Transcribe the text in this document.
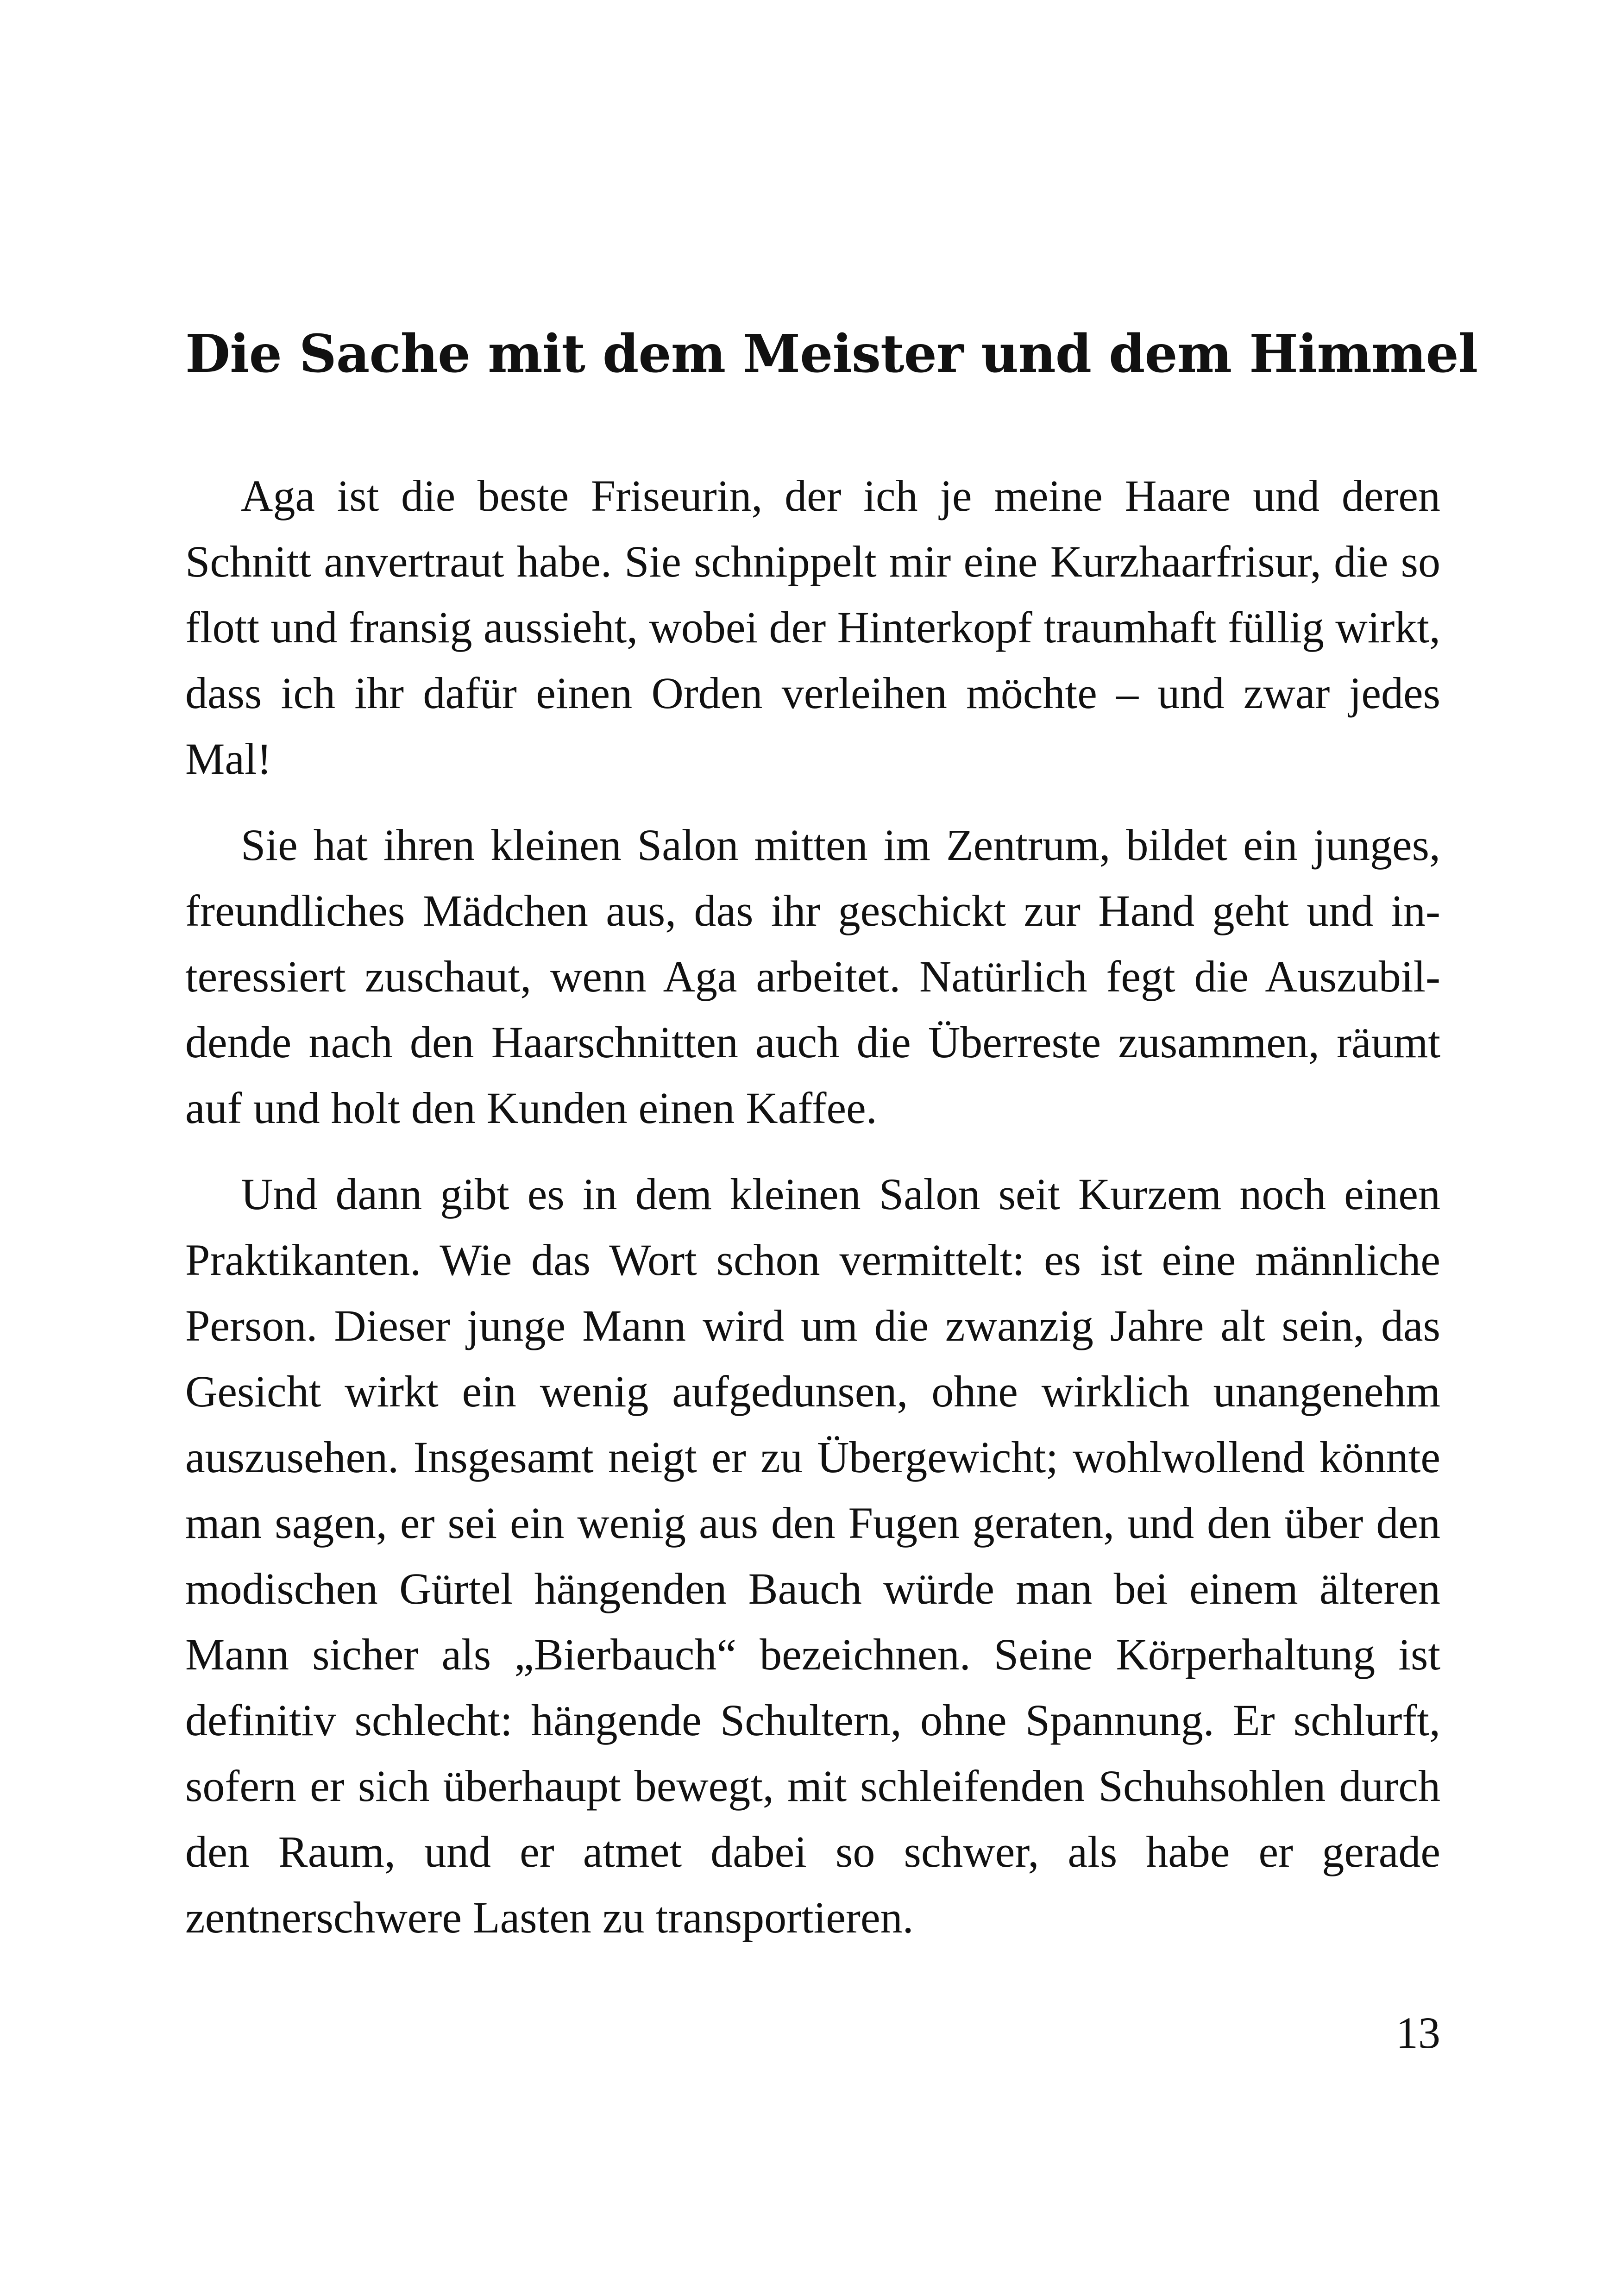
Die Sache mit dem Meister und dem Himmel

Aga ist die beste Friseurin, der ich je meine Haare und deren Schnitt anvertraut habe. Sie schnippelt mir eine Kurzhaarfrisur, die so flott und fransig aussieht, wobei der Hinterkopf traumhaft füllig wirkt, dass ich ihr dafür einen Orden verleihen möchte – und zwar jedes Mal!

Sie hat ihren kleinen Salon mitten im Zentrum, bildet ein junges, freundliches Mädchen aus, das ihr geschickt zur Hand geht und interessiert zuschaut, wenn Aga arbeitet. Natürlich fegt die Auszubildende nach den Haarschnitten auch die Überreste zusammen, räumt auf und holt den Kunden einen Kaffee.

Und dann gibt es in dem kleinen Salon seit Kurzem noch einen Praktikanten. Wie das Wort schon vermittelt: es ist eine männliche Person. Dieser junge Mann wird um die zwanzig Jahre alt sein, das Gesicht wirkt ein wenig aufgedunsen, ohne wirklich unangenehm auszusehen. Insgesamt neigt er zu Übergewicht; wohlwollend könnte man sagen, er sei ein wenig aus den Fugen geraten, und den über den modischen Gürtel hängenden Bauch würde man bei einem älteren Mann sicher als „Bierbauch“ bezeichnen. Seine Körperhaltung ist definitiv schlecht: hängende Schultern, ohne Spannung. Er schlurft, sofern er sich überhaupt bewegt, mit schleifenden Schuhsohlen durch den Raum, und er atmet dabei so schwer, als habe er gerade zentnerschwere Lasten zu transportieren.

13
